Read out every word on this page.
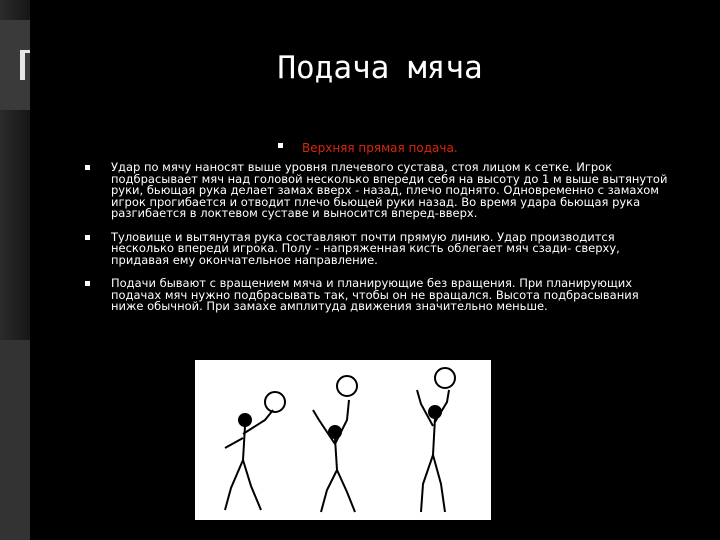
Подача мяча
Верхняя прямая подача.
Удар по мячу наносят выше уровня плечевого сустава, стоя лицом к сетке. Игрок подбрасывает мяч над головой несколько впереди себя на высоту до 1 м выше вытянутой руки, бьющая рука делает замах вверх - назад, плечо поднято. Одновременно с замахом игрок прогибается и отводит плечо бьющей руки назад. Во время удара бьющая рука разгибается в локтевом суставе и выносится вперед-вверх.
Туловище и вытянутая рука составляют почти прямую линию. Удар производится несколько впереди игрока. Полу - напряженная кисть облегает мяч сзади- сверху, придавая ему окончательное направление.
Подачи бывают с вращением мяча и планирующие без вращения. При планирующих подачах мяч нужно подбрасывать так, чтобы он не вращался. Высота подбрасывания ниже обычной. При замахе амплитуда движения значительно меньше.
